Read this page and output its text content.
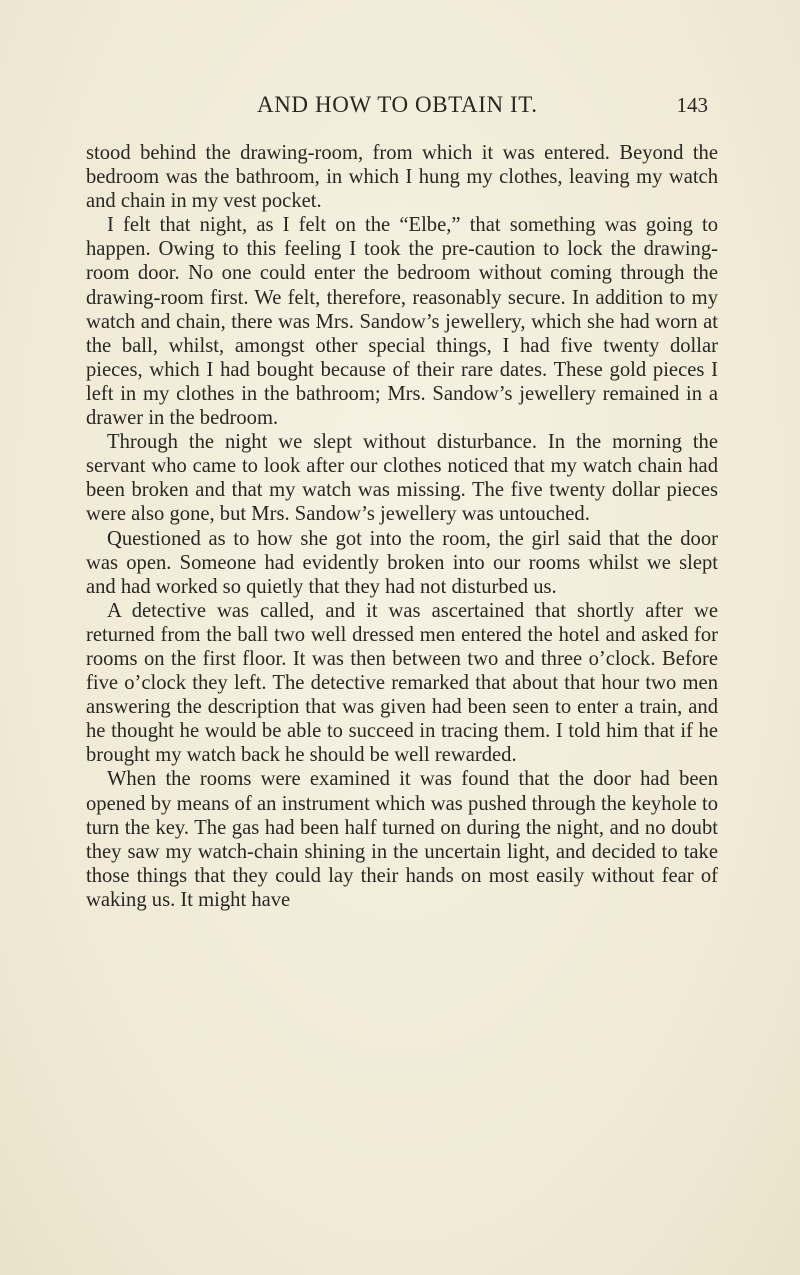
AND HOW TO OBTAIN IT.	143

stood behind the drawing-room, from which it was entered. Beyond the bedroom was the bathroom, in which I hung my clothes, leaving my watch and chain in my vest pocket.

I felt that night, as I felt on the “Elbe,” that something was going to happen. Owing to this feeling I took the pre-caution to lock the drawing-room door. No one could enter the bedroom without coming through the drawing-room first. We felt, therefore, reasonably secure. In addition to my watch and chain, there was Mrs. Sandow’s jewellery, which she had worn at the ball, whilst, amongst other special things, I had five twenty dollar pieces, which I had bought because of their rare dates. These gold pieces I left in my clothes in the bathroom; Mrs. Sandow’s jewellery remained in a drawer in the bedroom.

Through the night we slept without disturbance. In the morning the servant who came to look after our clothes noticed that my watch chain had been broken and that my watch was missing. The five twenty dollar pieces were also gone, but Mrs. Sandow’s jewellery was untouched.

Questioned as to how she got into the room, the girl said that the door was open. Someone had evidently broken into our rooms whilst we slept and had worked so quietly that they had not disturbed us.

A detective was called, and it was ascertained that shortly after we returned from the ball two well dressed men entered the hotel and asked for rooms on the first floor. It was then between two and three o’clock. Before five o’clock they left. The detective remarked that about that hour two men answering the description that was given had been seen to enter a train, and he thought he would be able to succeed in tracing them. I told him that if he brought my watch back he should be well rewarded.

When the rooms were examined it was found that the door had been opened by means of an instrument which was pushed through the keyhole to turn the key. The gas had been half turned on during the night, and no doubt they saw my watch-chain shining in the uncertain light, and decided to take those things that they could lay their hands on most easily without fear of waking us. It might have
